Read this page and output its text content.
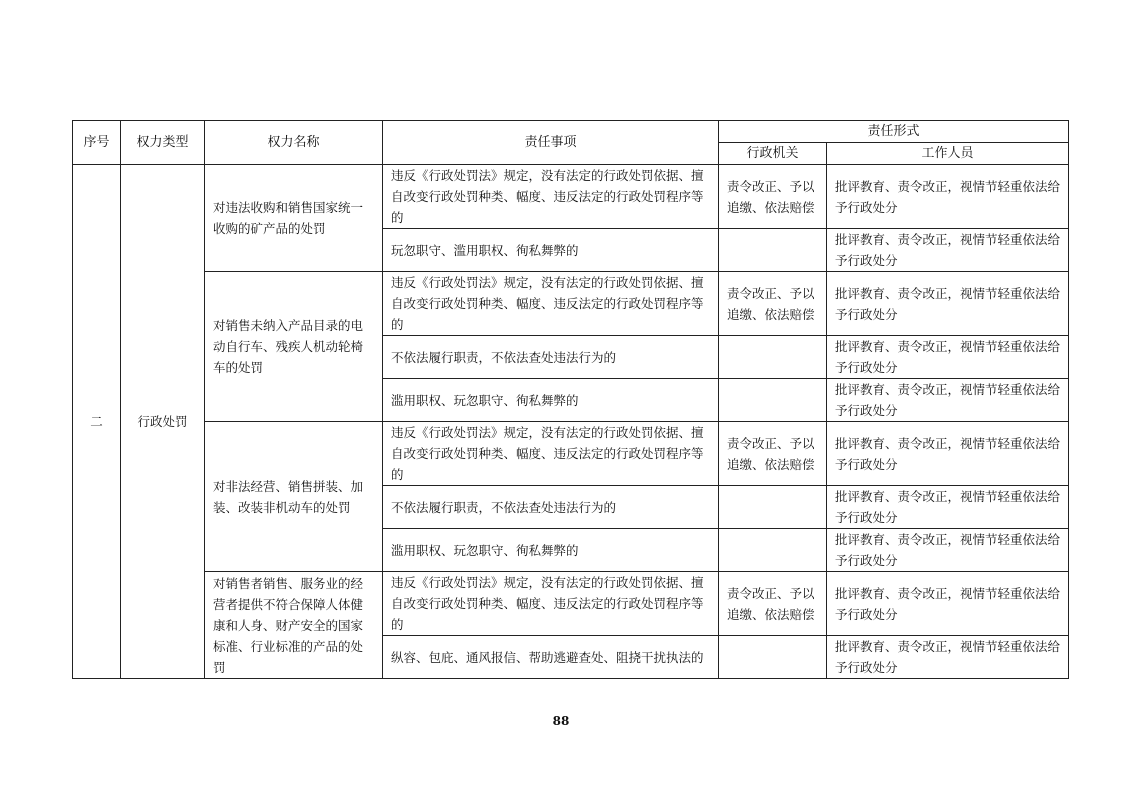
序号	权力类型	权力名称	责任事项	责任形式	
				行政机关	工作人员
二	行政处罚	对违法收购和销售国家统一收购的矿产品的处罚	违反《行政处罚法》规定，没有法定的行政处罚依据、擅自改变行政处罚种类、幅度、违反法定的行政处罚程序等的	责令改正、予以追缴、依法赔偿	批评教育、责令改正，视情节轻重依法给予行政处分
			玩忽职守、滥用职权、徇私舞弊的		批评教育、责令改正，视情节轻重依法给予行政处分
		对销售未纳入产品目录的电动自行车、残疾人机动轮椅车的处罚	违反《行政处罚法》规定，没有法定的行政处罚依据、擅自改变行政处罚种类、幅度、违反法定的行政处罚程序等的	责令改正、予以追缴、依法赔偿	批评教育、责令改正，视情节轻重依法给予行政处分
			不依法履行职责，不依法查处违法行为的		批评教育、责令改正，视情节轻重依法给予行政处分
			滥用职权、玩忽职守、徇私舞弊的		批评教育、责令改正，视情节轻重依法给予行政处分
		对非法经营、销售拼装、加装、改装非机动车的处罚	违反《行政处罚法》规定，没有法定的行政处罚依据、擅自改变行政处罚种类、幅度、违反法定的行政处罚程序等的	责令改正、予以追缴、依法赔偿	批评教育、责令改正，视情节轻重依法给予行政处分
			不依法履行职责，不依法查处违法行为的		批评教育、责令改正，视情节轻重依法给予行政处分
			滥用职权、玩忽职守、徇私舞弊的		批评教育、责令改正，视情节轻重依法给予行政处分
		对销售者销售、服务业的经营者提供不符合保障人体健康和人身、财产安全的国家标准、行业标准的产品的处罚	违反《行政处罚法》规定，没有法定的行政处罚依据、擅自改变行政处罚种类、幅度、违反法定的行政处罚程序等的	责令改正、予以追缴、依法赔偿	批评教育、责令改正，视情节轻重依法给予行政处分
			纵容、包庇、通风报信、帮助逃避查处、阻挠干扰执法的		批评教育、责令改正，视情节轻重依法给予行政处分
88
